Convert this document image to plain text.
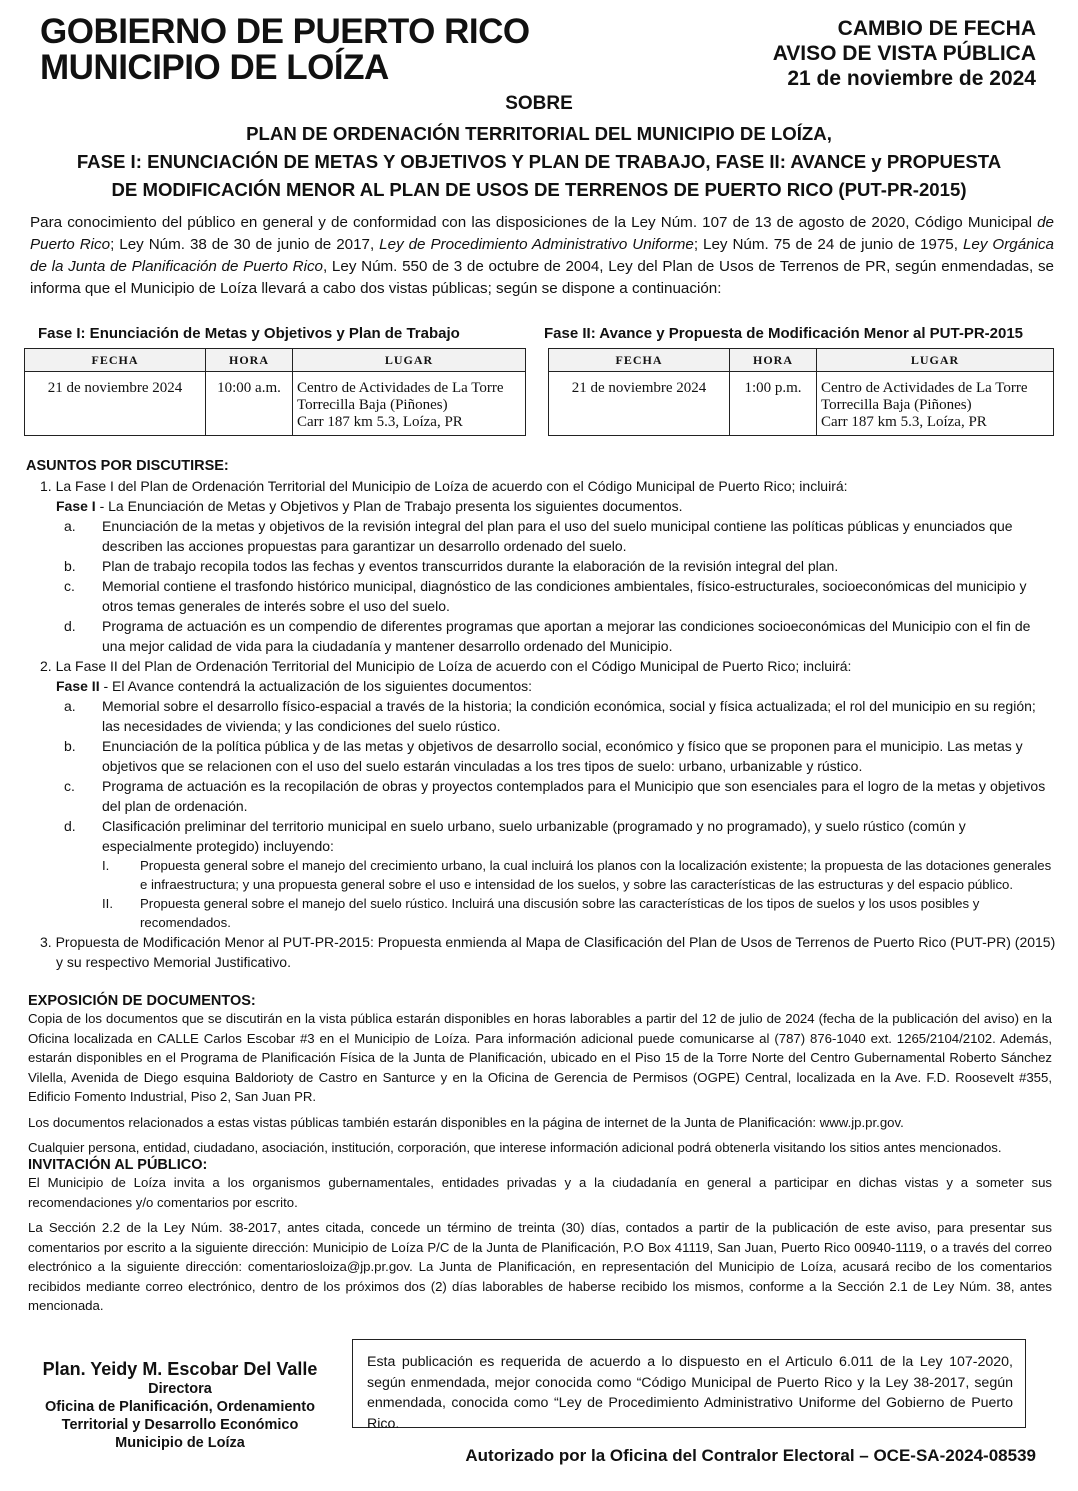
GOBIERNO DE PUERTO RICO
MUNICIPIO DE LOÍZA
CAMBIO DE FECHA
AVISO DE VISTA PÚBLICA
21 de noviembre de 2024
SOBRE
PLAN DE ORDENACIÓN TERRITORIAL DEL MUNICIPIO DE LOÍZA,
FASE I: ENUNCIACIÓN DE METAS Y OBJETIVOS Y PLAN DE TRABAJO, FASE II: AVANCE y PROPUESTA
DE MODIFICACIÓN MENOR AL PLAN DE USOS DE TERRENOS DE PUERTO RICO (PUT-PR-2015)

Para conocimiento del público en general y de conformidad con las disposiciones de la Ley Núm. 107 de 13 de agosto de 2020, Código Municipal de Puerto Rico; Ley Núm. 38 de 30 de junio de 2017, Ley de Procedimiento Administrativo Uniforme; Ley Núm. 75 de 24 de junio de 1975, Ley Orgánica de la Junta de Planificación de Puerto Rico, Ley Núm. 550 de 3 de octubre de 2004, Ley del Plan de Usos de Terrenos de PR, según enmendadas, se informa que el Municipio de Loíza llevará a cabo dos vistas públicas; según se dispone a continuación:

Fase I: Enunciación de Metas y Objetivos y Plan de Trabajo
FECHA	HORA	LUGAR
21 de noviembre 2024	10:00 a.m.	Centro de Actividades de La Torre
Torrecilla Baja (Piñones)
Carr 187 km 5.3, Loíza, PR
Fase II: Avance y Propuesta de Modificación Menor al PUT-PR-2015
FECHA	HORA	LUGAR
21 de noviembre 2024	1:00 p.m.	Centro de Actividades de La Torre
Torrecilla Baja (Piñones)
Carr 187 km 5.3, Loíza, PR
ASUNTOS POR DISCUTIRSE:
1. La Fase I del Plan de Ordenación Territorial del Municipio de Loíza de acuerdo con el Código Municipal de Puerto Rico; incluirá:
Fase I - La Enunciación de Metas y Objetivos y Plan de Trabajo presenta los siguientes documentos.
a. Enunciación de la metas y objetivos de la revisión integral del plan para el uso del suelo municipal contiene las políticas públicas y enunciados que describen las acciones propuestas para garantizar un desarrollo ordenado del suelo.
b. Plan de trabajo recopila todos las fechas y eventos transcurridos durante la elaboración de la revisión integral del plan.
c. Memorial contiene el trasfondo histórico municipal, diagnóstico de las condiciones ambientales, físico-estructurales, socioeconómicas del municipio y otros temas generales de interés sobre el uso del suelo.
d. Programa de actuación es un compendio de diferentes programas que aportan a mejorar las condiciones socioeconómicas del Municipio con el fin de una mejor calidad de vida para la ciudadanía y mantener desarrollo ordenado del Municipio.
2. La Fase II del Plan de Ordenación Territorial del Municipio de Loíza de acuerdo con el Código Municipal de Puerto Rico; incluirá:
Fase II - El Avance contendrá la actualización de los siguientes documentos:
a. Memorial sobre el desarrollo físico-espacial a través de la historia; la condición económica, social y física actualizada; el rol del municipio en su región; las necesidades de vivienda; y las condiciones del suelo rústico.
b. Enunciación de la política pública y de las metas y objetivos de desarrollo social, económico y físico que se proponen para el municipio. Las metas y objetivos que se relacionen con el uso del suelo estarán vinculadas a los tres tipos de suelo: urbano, urbanizable y rústico.
c. Programa de actuación es la recopilación de obras y proyectos contemplados para el Municipio que son esenciales para el logro de la metas y objetivos del plan de ordenación.
d. Clasificación preliminar del territorio municipal en suelo urbano, suelo urbanizable (programado y no programado), y suelo rústico (común y especialmente protegido) incluyendo:
I. Propuesta general sobre el manejo del crecimiento urbano, la cual incluirá los planos con la localización existente; la propuesta de las dotaciones generales e infraestructura; y una propuesta general sobre el uso e intensidad de los suelos, y sobre las características de las estructuras y del espacio público.
II. Propuesta general sobre el manejo del suelo rústico. Incluirá una discusión sobre las características de los tipos de suelos y los usos posibles y recomendados.
3. Propuesta de Modificación Menor al PUT-PR-2015: Propuesta enmienda al Mapa de Clasificación del Plan de Usos de Terrenos de Puerto Rico (PUT-PR) (2015) y su respectivo Memorial Justificativo.
EXPOSICIÓN DE DOCUMENTOS:

Copia de los documentos que se discutirán en la vista pública estarán disponibles en horas laborables a partir del 12 de julio de 2024 (fecha de la publicación del aviso) en la Oficina localizada en CALLE Carlos Escobar #3 en el Municipio de Loíza. Para información adicional puede comunicarse al (787) 876-1040 ext. 1265/2104/2102. Además, estarán disponibles en el Programa de Planificación Física de la Junta de Planificación, ubicado en el Piso 15 de la Torre Norte del Centro Gubernamental Roberto Sánchez Vilella, Avenida de Diego esquina Baldorioty de Castro en Santurce y en la Oficina de Gerencia de Permisos (OGPE) Central, localizada en la Ave. F.D. Roosevelt #355, Edificio Fomento Industrial, Piso 2, San Juan PR.

Los documentos relacionados a estas vistas públicas también estarán disponibles en la página de internet de la Junta de Planificación: www.jp.pr.gov.

Cualquier persona, entidad, ciudadano, asociación, institución, corporación, que interese información adicional podrá obtenerla visitando los sitios antes mencionados.

INVITACIÓN AL PÚBLICO:

El Municipio de Loíza invita a los organismos gubernamentales, entidades privadas y a la ciudadanía en general a participar en dichas vistas y a someter sus recomendaciones y/o comentarios por escrito.

La Sección 2.2 de la Ley Núm. 38-2017, antes citada, concede un término de treinta (30) días, contados a partir de la publicación de este aviso, para presentar sus comentarios por escrito a la siguiente dirección: Municipio de Loíza P/C de la Junta de Planificación, P.O Box 41119, San Juan, Puerto Rico 00940-1119, o a través del correo electrónico a la siguiente dirección: comentariosloiza@jp.pr.gov. La Junta de Planificación, en representación del Municipio de Loíza, acusará recibo de los comentarios recibidos mediante correo electrónico, dentro de los próximos dos (2) días laborables de haberse recibido los mismos, conforme a la Sección 2.1 de Ley Núm. 38, antes mencionada.

Plan. Yeidy M. Escobar Del Valle
Directora
Oficina de Planificación, Ordenamiento
Territorial y Desarrollo Económico
Municipio de Loíza
Esta publicación es requerida de acuerdo a lo dispuesto en el Articulo 6.011 de la Ley 107-2020, según enmendada, mejor conocida como “Código Municipal de Puerto Rico y la Ley 38-2017, según enmendada, conocida como “Ley de Procedimiento Administrativo Uniforme del Gobierno de Puerto Rico.
Autorizado por la Oficina del Contralor Electoral – OCE-SA-2024-08539
